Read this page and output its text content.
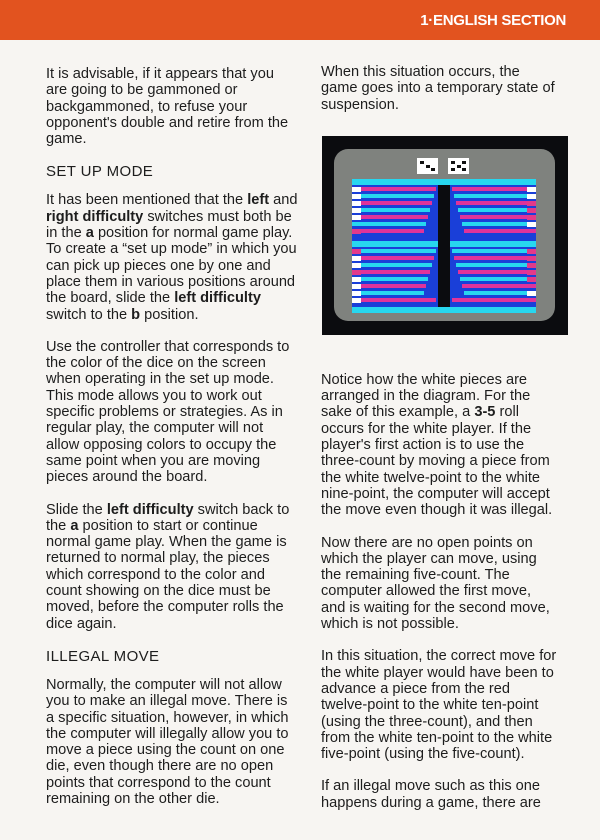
1·ENGLISH SECTION

It is advisable, if it appears that you are going to be gammoned or backgammoned, to refuse your opponent's double and retire from the game.

SET UP MODE

It has been mentioned that the left and right difficulty switches must both be in the a position for normal game play. To create a “set up mode” in which you can pick up pieces one by one and place them in various positions around the board, slide the left difficulty switch to the b position.

Use the controller that corresponds to the color of the dice on the screen when operating in the set up mode. This mode allows you to work out specific problems or strategies. As in regular play, the computer will not allow opposing colors to occupy the same point when you are moving pieces around the board.

Slide the left difficulty switch back to the a position to start or continue normal game play. When the game is returned to normal play, the pieces which correspond to the color and count showing on the dice must be moved, before the computer rolls the dice again.

ILLEGAL MOVE

Normally, the computer will not allow you to make an illegal move. There is a specific situation, however, in which the computer will illegally allow you to move a piece using the count on one die, even though there are no open points that correspond to the count remaining on the other die.

When this situation occurs, the game goes into a temporary state of suspension.

Notice how the white pieces are arranged in the diagram. For the sake of this example, a 3-5 roll occurs for the white player. If the player's first action is to use the three-count by moving a piece from the white twelve-point to the white nine-point, the computer will accept the move even though it was illegal.

Now there are no open points on which the player can move, using the remaining five-count. The computer allowed the first move, and is waiting for the second move, which is not possible.

In this situation, the correct move for the white player would have been to advance a piece from the red twelve-point to the white ten-point (using the three-count), and then from the white ten-point to the white five-point (using the five-count).

If an illegal move such as this one happens during a game, there are
